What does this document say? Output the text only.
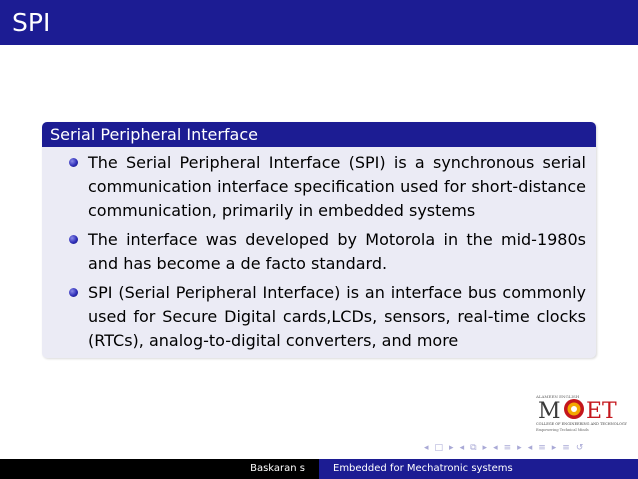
SPI
Serial Peripheral Interface
The Serial Peripheral Interface (SPI) is a synchronous serial communication interface specification used for short-distance communication, primarily in embedded systems
The interface was developed by Motorola in the mid-1980s and has become a de facto standard.
SPI (Serial Peripheral Interface) is an interface bus commonly used for Secure Digital cards,LCDs, sensors, real-time clocks (RTCs), analog-to-digital converters, and more
ALAMEEN ENGLISH
M ET
COLLEGE OF ENGINEERING AND TECHNOLOGY
Empowering Technical Minds
◂ □ ▸ ◂ ⧉ ▸ ◂ ≡ ▸ ◂ ≡ ▸ ≡ ↺
Baskaran s	Embedded for Mechatronic systems
